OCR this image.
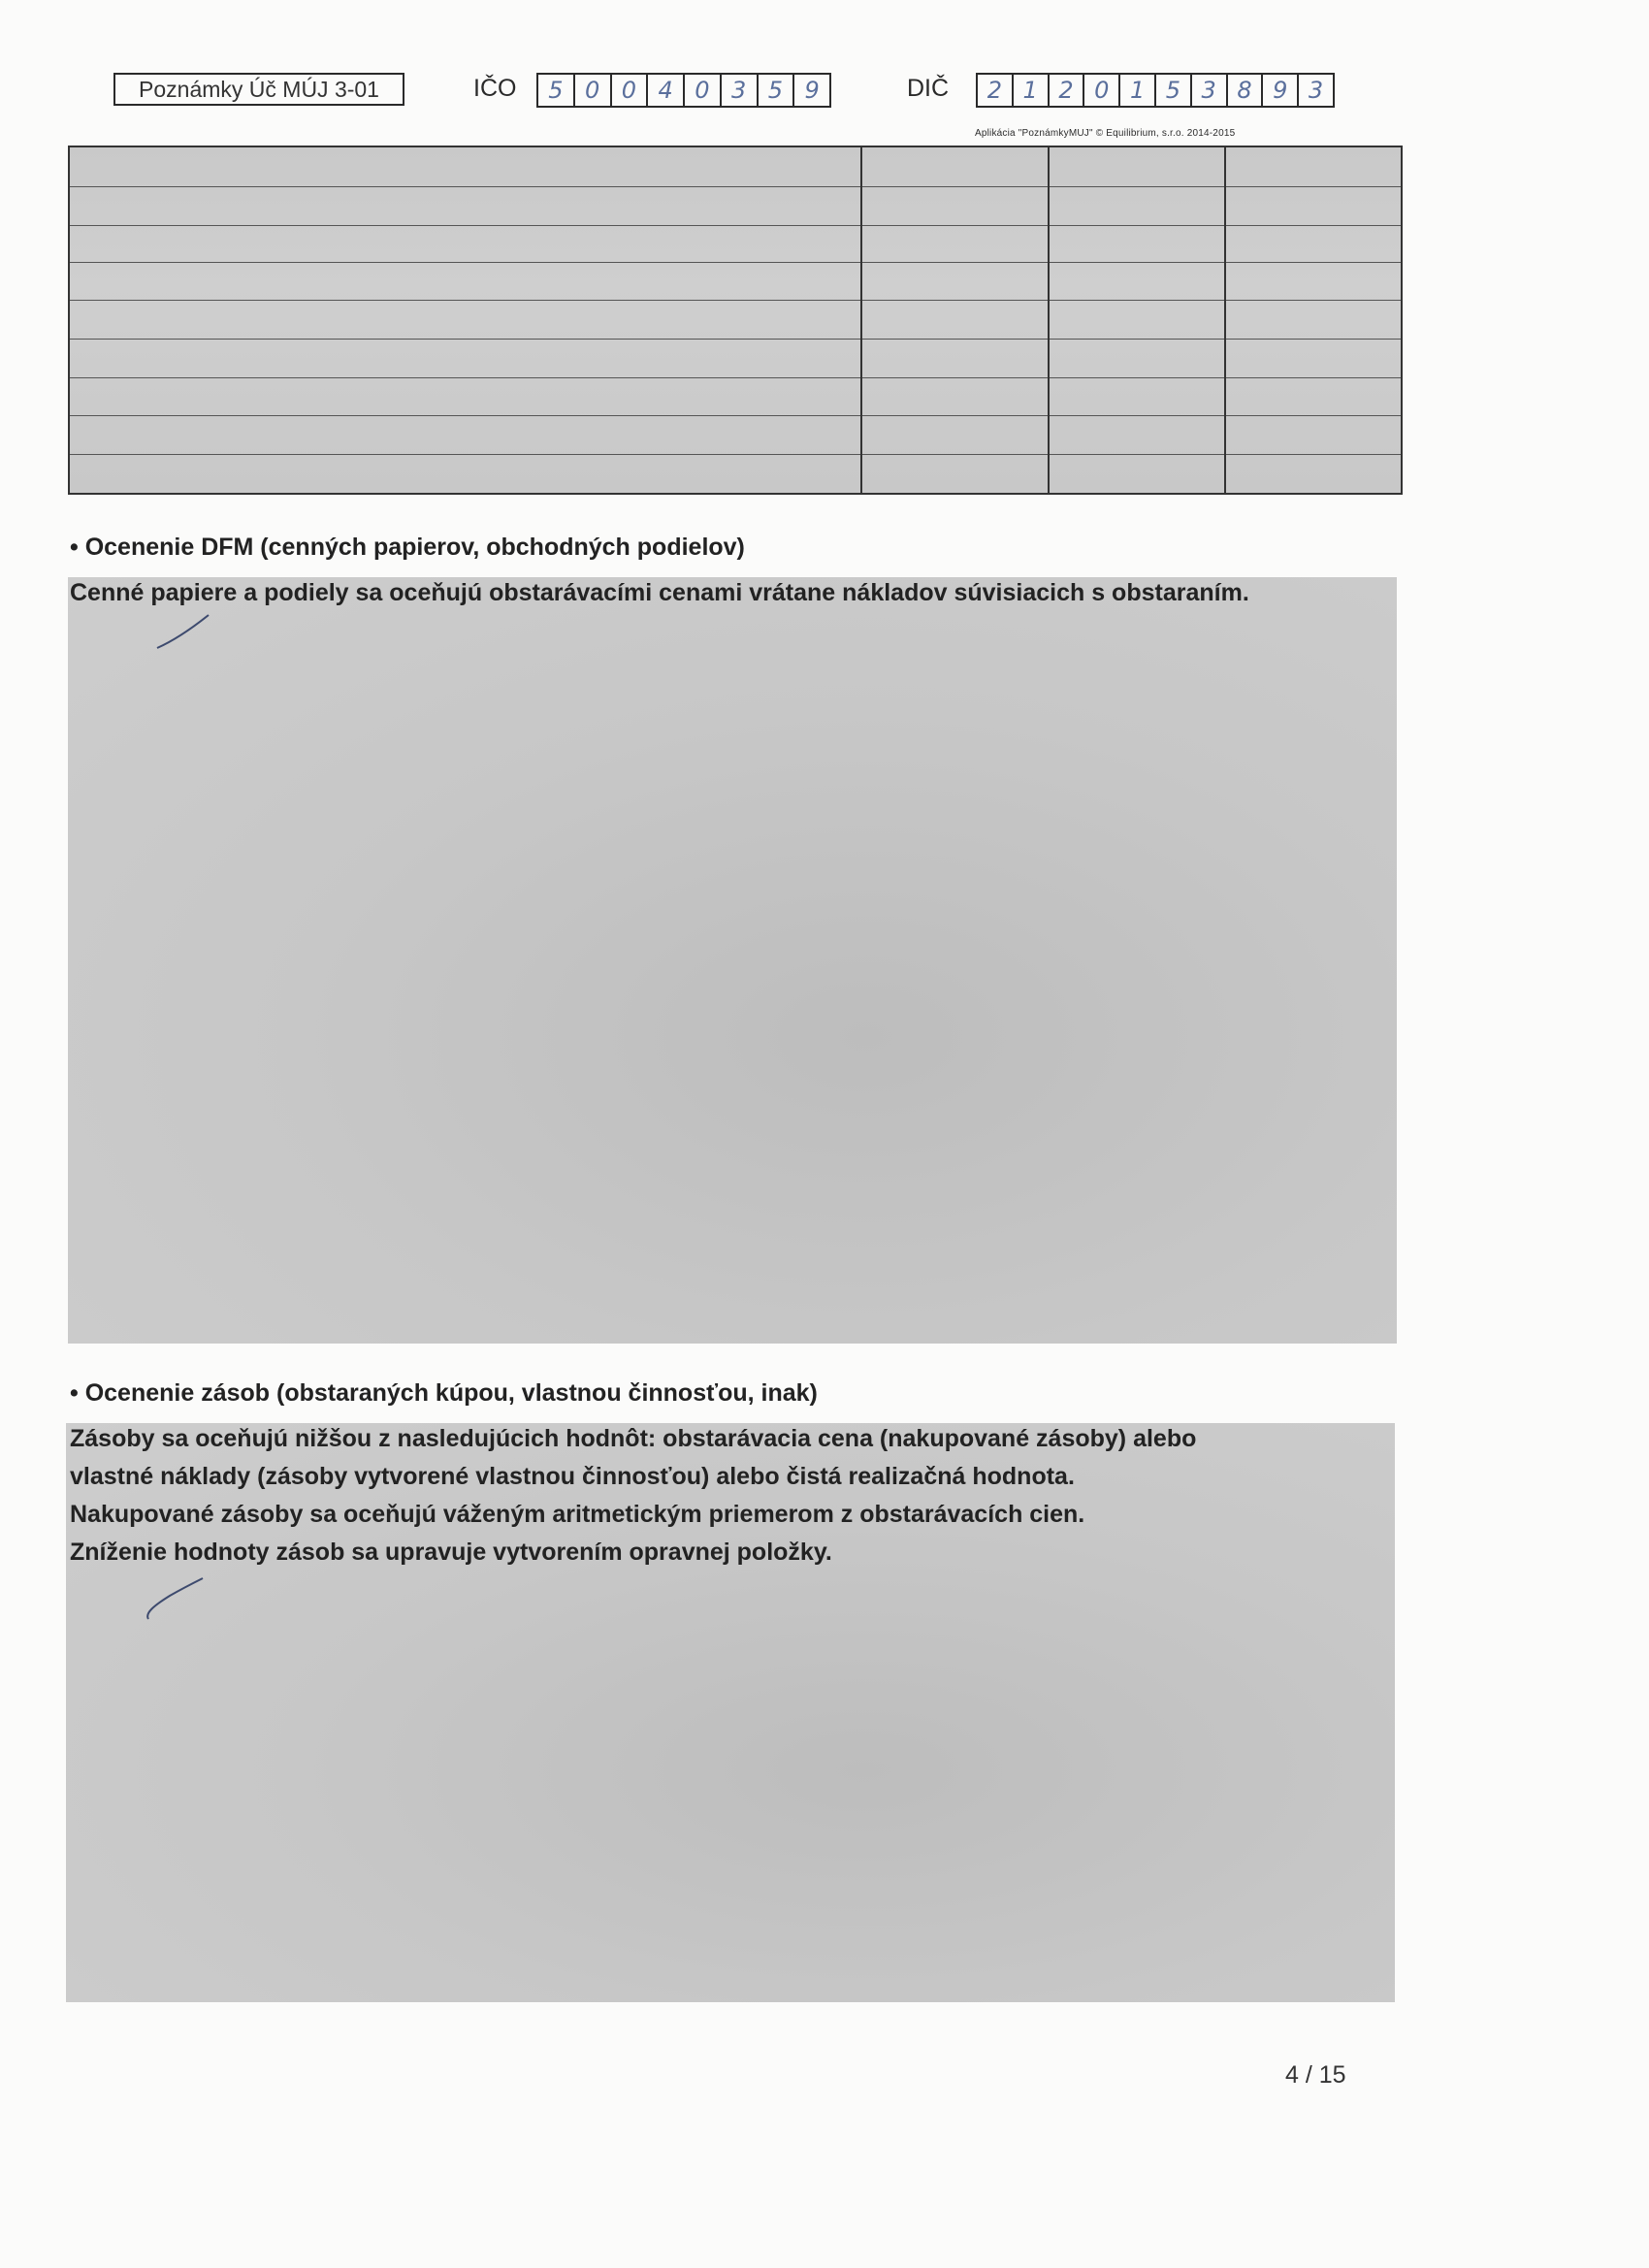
Poznámky Úč MÚJ 3-01	IČO	5 0 0 4 0 3 5 9	DIČ	2 1 2 0 1 5 3 8 9 3
Aplikácia "PoznámkyMUJ" © Equilibrium, s.r.o. 2014-2015
• Ocenenie DFM (cenných papierov, obchodných podielov)
Cenné papiere a podiely sa oceňujú obstarávacími cenami vrátane nákladov súvisiacich s obstaraním.
• Ocenenie zásob (obstaraných kúpou, vlastnou činnosťou, inak)
Zásoby sa oceňujú nižšou z nasledujúcich hodnôt: obstarávacia cena (nakupované zásoby) alebo
vlastné náklady (zásoby vytvorené vlastnou činnosťou) alebo čistá realizačná hodnota.
Nakupované zásoby sa oceňujú váženým aritmetickým priemerom z obstarávacích cien.
Zníženie hodnoty zásob sa upravuje vytvorením opravnej položky.
4 / 15
